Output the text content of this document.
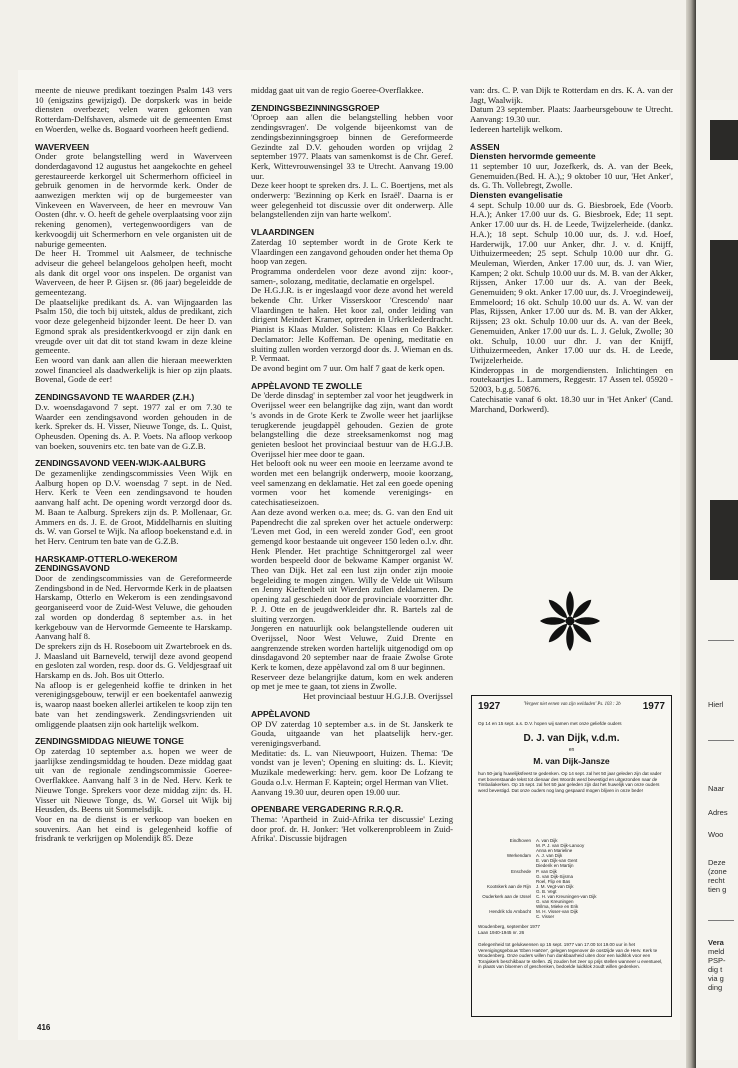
Hierl
Naar
Adres
Woo
Deze
(zone
recht
tien g
Vera
meld
PSP-
dig t
via g
ding

meente de nieuwe predikant toezingen Psalm 143 vers 10 (enigszins gewijzigd). De dorpskerk was in beide diensten overbezet; velen waren gekomen van Rotterdam-Delfshaven, alsmede uit de gemeenten Emst en Woerden, welke ds. Bogaard voorheen heeft gediend.

WAVERVEEN

Onder grote belangstelling werd in Waverveen donderdagavond 12 augustus het aangekochte en geheel gerestaureerde kerkorgel uit Schermerhorn officieel in gebruik genomen in de hervormde kerk. Onder de aanwezigen merkten wij op de burgemeester van Vinkeveen en Waverveen, de heer en mevrouw Van Oosten (dhr. v. O. heeft de gehele overplaatsing voor zijn rekening genomen), vertegenwoordigers van de kerkvoogdij uit Schermerhorn en vele organisten uit de naburige gemeenten.

De heer H. Trommel uit Aalsmeer, de technische adviseur die geheel belangeloos geholpen heeft, mocht als dank dit orgel voor ons inspelen. De organist van Waverveen, de heer P. Gijsen sr. (86 jaar) begeleidde de gemeentezang.

De plaatselijke predikant ds. A. van Wijngaarden las Psalm 150, die toch bij uitstek, aldus de predikant, zich voor deze gelegenheid bijzonder leent. De heer D. van Egmond sprak als presidentkerkvoogd er zijn dank en vreugde over uit dat dit tot stand kwam in deze kleine gemeente.

Een woord van dank aan allen die hieraan meewerkten zowel financieel als daadwerkelijk is hier op zijn plaats. Bovenal, Gode de eer!

ZENDINGSAVOND TE WAARDER (Z.H.)

D.v. woensdagavond 7 sept. 1977 zal er om 7.30 te Waarder een zendingsavond worden gehouden in de kerk. Spreker ds. H. Visser, Nieuwe Tonge, ds. L. Quist, Opheusden. Opening ds. A. P. Voets. Na afloop verkoop van boeken, souvenirs etc. ten bate van de G.Z.B.

ZENDINGSAVOND VEEN-WIJK-AALBURG

De gezamenlijke zendingscommissies Veen Wijk en Aalburg hopen op D.V. woensdag 7 sept. in de Ned. Herv. Kerk te Veen een zendingsavond te houden aanvang half acht. De opening wordt verzorgd door ds. M. Baan te Aalburg. Sprekers zijn ds. P. Mollenaar, Gr. Ammers en ds. J. E. de Groot, Middelharnis en sluiting ds. W. van Gorsel te Wijk. Na afloop boekenstand e.d. in het Herv. Centrum ten bate van de G.Z.B.

HARSKAMP-OTTERLO-WEKEROM ZENDINGSAVOND

Door de zendingscommissies van de Gereformeerde Zendingsbond in de Ned. Hervormde Kerk in de plaatsen Harskamp, Otterlo en Wekerom is een zendingsavond georganiseerd voor de Zuid-West Veluwe, die gehouden zal worden op donderdag 8 september a.s. in het kerkgebouw van de Hervormde Gemeente te Harskamp. Aanvang half 8.

De sprekers zijn ds H. Roseboom uit Zwartebroek en ds. J. Maasland uit Barneveld, terwijl deze avond geopend en gesloten zal worden, resp. door ds. G. Veldjesgraaf uit Harskamp en ds. Joh. Bos uit Otterlo.

Na afloop is er gelegenheid koffie te drinken in het verenigingsgebouw, terwijl er een boekentafel aanwezig is, waarop naast boeken allerlei artikelen te koop zijn ten bate van het zendingswerk. Zendingsvrienden uit omliggende plaatsen zijn ook hartelijk welkom.

ZENDINGSMIDDAG NIEUWE TONGE

Op zaterdag 10 september a.s. hopen we weer de jaarlijkse zendingsmiddag te houden. Deze middag gaat uit van de regionale zendingscommissie Goeree-Overflakkee. Aanvang half 3 in de Ned. Herv. Kerk te Nieuwe Tonge. Sprekers voor deze middag zijn: ds. H. Visser uit Nieuwe Tonge, ds. W. Gorsel uit Wijk bij Heusden, ds. Beens uit Sommelsdijk.

Voor en na de dienst is er verkoop van boeken en souvenirs. Aan het eind is gelegenheid koffie of frisdrank te verkrijgen op Molendijk 85. Deze

middag gaat uit van de regio Goeree-Overflakkee.

ZENDINGSBEZINNINGSGROEP

'Oproep aan allen die belangstelling hebben voor zendingsvragen'. De volgende bijeenkomst van de zendingsbezinningsgroep binnen de Gereformeerde Gezindte zal D.V. gehouden worden op vrijdag 2 september 1977. Plaats van samenkomst is de Chr. Geref. Kerk, Wittevrouwensingel 33 te Utrecht. Aanvang 19.00 uur.

Deze keer hoopt te spreken drs. J. L. C. Boertjens, met als onderwerp: 'Bezinning op Kerk en Israël'. Daarna is er weer gelegenheid tot discussie over dit onderwerp. Alle belangstellenden zijn van harte welkom'.

VLAARDINGEN

Zaterdag 10 september wordt in de Grote Kerk te Vlaardingen een zangavond gehouden onder het thema Op hoop van zegen.

Programma onderdelen voor deze avond zijn: koor-, samen-, solozang, meditatie, declamatie en orgelspel.

De H.G.J.R. is er ingeslaagd voor deze avond het wereld bekende Chr. Urker Visserskoor 'Crescendo' naar Vlaardingen te halen. Het koor zal, onder leiding van dirigent Meindert Kramer, optreden in Urkerklederdracht. Pianist is Klaas Mulder. Solisten: Klaas en Co Bakker. Declamator: Jelle Koffeman. De opening, meditatie en sluiting zullen worden verzorgd door ds. J. Wieman en ds. P. Vermaat.

De avond begint om 7 uur. Om half 7 gaat de kerk open.

APPÈLAVOND TE ZWOLLE

De 'derde dinsdag' in september zal voor het jeugdwerk in Overijssel weer een belangrijke dag zijn, want dan wordt 's avonds in de Grote Kerk te Zwolle weer het jaarlijkse terugkerende jeugdappèl gehouden. Gezien de grote belangstelling die deze streeksamenkomst nog mag genieten besloot het provinciaal bestuur van de H.G.J.B. Overijssel hier mee door te gaan.

Het belooft ook nu weer een mooie en leerzame avond te worden met een belangrijk onderwerp, mooie koorzang, veel samenzang en deklamatie. Het zal een goede opening vormen voor het komende verenigings- en catechisatieseizoen.

Aan deze avond werken o.a. mee; ds. G. van den End uit Papendrecht die zal spreken over het actuele onderwerp: 'Leven met God, in een wereld zonder God', een groot gemengd koor bestaande uit ongeveer 150 leden o.l.v. dhr. Henk Plender. Het prachtige Schnittgerorgel zal weer worden bespeeld door de bekwame Kamper organist W. Theo van Dijk. Het zal een lust zijn onder zijn mooie begeleiding te mogen zingen. Willy de Velde uit Wilsum en Jenny Kieftenbelt uit Wierden zullen deklameren. De opening zal geschieden door de provinciale voorzitter dhr. P. J. Otte en de jeugdwerkleider dhr. R. Bartels zal de sluiting verzorgen.

Jongeren en natuurlijk ook belangstellende ouderen uit Overijssel, Noor West Veluwe, Zuid Drente en aangrenzende streken worden hartelijk uitgenodigd om op dinsdagavond 20 september naar de fraaie Zwolse Grote Kerk te komen, deze appèlavond zal om 8 uur beginnen.

Reserveer deze belangrijke datum, kom en wek anderen op met je mee te gaan, tot ziens in Zwolle.

Het provinciaal bestuur H.G.J.B. Overijssel

APPÈLAVOND

OP DV zaterdag 10 september a.s. in de St. Janskerk te Gouda, uitgaande van het plaatselijk herv.-ger. verenigingsverband.

Meditatie: ds. L. van Nieuwpoort, Huizen. Thema: 'De vondst van je leven'; Opening en sluiting: ds. L. Kievit; Muzikale medewerking: herv. gem. koor De Lofzang te Gouda o.l.v. Herman F. Kaptein; orgel Herman van Vliet.

Aanvang 19.30 uur, deuren open 19.00 uur.

OPENBARE VERGADERING R.R.Q.R.

Thema: 'Apartheid in Zuid-Afrika ter discussie' Lezing door prof. dr. H. Jonker: 'Het volkerenprobleem in Zuid-Afrika'. Discussie bijdragen

van: drs. C. P. van Dijk te Rotterdam en drs. K. A. van der Jagt, Waalwijk.

Datum 23 september. Plaats: Jaarbeursgebouw te Utrecht. Aanvang: 19.30 uur.

Iedereen hartelijk welkom.

ASSEN
Diensten hervormde gemeente

11 september 10 uur, Jozefkerk, ds. A. van der Beek, Genemuiden.(Bed. H. A.),; 9 oktober 10 uur, 'Het Anker', ds. G. Th. Vollebregt, Zwolle.

Diensten evangelisatie

4 sept. Schulp 10.00 uur ds. G. Biesbroek, Ede (Voorb. H.A.); Anker 17.00 uur ds. G. Biesbroek, Ede; 11 sept. Anker 17.00 uur ds. H. de Leede, Twijzelerheide. (dankz. H.A.); 18 sept. Schulp 10.00 uur, ds. J. v.d. Hoef, Harderwijk, 17.00 uur Anker, dhr. J. v. d. Knijff, Uithuizermeeden; 25 sept. Schulp 10.00 uur dhr. G. Meuleman, Wierden, Anker 17.00 uur, ds. J. van Wier, Kampen; 2 okt. Schulp 10.00 uur ds. M. B. van der Akker, Rijssen, Anker 17.00 uur ds. A. van der Beek, Genemuiden; 9 okt. Anker 17.00 uur, ds. J. Vroegindeweij, Emmeloord; 16 okt. Schulp 10.00 uur ds. A. W. van der Plas, Rijssen, Anker 17.00 uur ds. M. B. van der Akker, Rijssen; 23 okt. Schulp 10.00 uur ds. A. van der Beek, Genemuiden, Anker 17.00 uur ds. L. J. Geluk, Zwolle; 30 okt. Schulp, 10.00 uur dhr. J. van der Knijff, Uithuizermeeden, Anker 17.00 uur ds. H. de Leede, Twijzelerheide.

Kinderoppas in de morgendiensten. Inlichtingen en routekaartjes L. Lammers, Reggestr. 17 Assen tel. 05920 - 52003, b.g.g. 50876.

Catechisatie vanaf 6 okt. 18.30 uur in 'Het Anker' (Cand. Marchand, Dorkwerd).

1927	'Vergeet niet eenen van zijn weldaden' Ps. 103 : 2b	1977
Op 14 en 15 sept. a.s. D.V. hopen wij samen met onze geliefde ouders
D. J. van Dijk, v.d.m.
en
M. van Dijk-Jansze
hun 50-jarig huwelijksfeest te gedenken. Op 14 sept. zal het 50 jaar geleden zijn dat vader met bovenstaande tekst tot dienaar des Woords werd bevestigd en uitgezonden naar de Timbaliakerken. Op 15 sept. zal het 50 jaar geleden zijn dat het huwelijk van onze ouders werd bevestigd. Dat onze ouders nog lang gespaard mogen blijven in onze bede!
Eindhoven	A. van Dijk
M. P. J. van Dijk-Lanooy
Anna en Marieline
Werkendam	A. J. van Dijk
E. van Dijk-van Gent
Diederik en Martijn
Enschede	P. van Dijk
G. van Dijk-Sijsma
Roel, Flip en Bas
Kootskerk aan de Rijn	J. M. Vegt-van Dijk
G. B. Vegt
Ouderkerk aan de IJssel	C. H. van Kreuningen-van Dijk
G. van Kreuningen
Wilma, Mieke en Erik
Hendrik Ido Ambacht	M. H. Visser-van Dijk
C. Visser
Woudenberg, september 1977
Laan 1940-1945 nr. 26
Gelegenheid tot gelukwensen op 15 sept. 1977 van 17.00 tot 19.00 uur in het Verenigingsgebouw 'Eben Haëzer', gelegen tegenover de oostzijde van de Herv. Kerk te Woudenberg. Onze ouders willen hun dankbaarheid uiten door een luidklok voor een Torajakerk beschikbaar te stellen. Zij zouden het zeer op prijs stellen wanneer u eventueel, in plaats van bloemen of geschenken, bedoelde luidklok zoudt willen gedenken.
416
